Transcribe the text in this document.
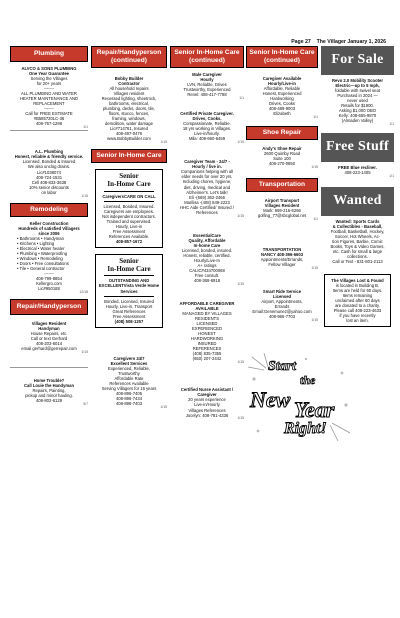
Page 27 The Villager January 1, 2026
Plumbing
ALVCO & SONS PLUMBING
One Year Guarantee
Serving the Villages
for 20+ years
-------
ALL PLUMBING AND WATER HEATER MAINTENANCE AND REPLACEMENT
-------
Call for FREE ESTIMATE
#B585720LC-36
408-767-1298
1/1
A.L. Plumbing
Honest, reliable & friendly service.
Licensed, Bonded & Insured
We also unclog drains.
Lic#1038074
408-724-1531
Cell 408-833-3638
10% senior discounts
on labor
1/15
Remodeling
Keller Construction
Hundreds of satisfied Villagers since 2006
• Bathrooms • Handyman
• Kitchens • Lighting
• Electrical • Water heater
• Plumbing • Waterproofing
• Windows • Remodeling
• Doors • Free consultations
• Tile • General contractor
-------
408-799-8854
Kellergro.com
Lic#950188
12/18
Repair/Handyperson
Villages Resident
Handyman
House Repairs, etc.
Call or text Gerhard
408-203-6014
email gerhard@gerrepair.com
1/15
Home Trouble?
Call Louie the Handyman
Repairs, Painting,
pickup and minor hauling.
408-802-6128
5/7
Repair/Handyperson (continued)
Bobby Builder
Contractor
All household repairs
Villages resident
Recessed lighting, sheetrock,
bathrooms, electrical,
plumbing, decks, doors, tile,
floors, stucco, fences,
framing, windows,
demolition, water damage
Lic#714761, Insured
408-497-0476
www.BobbyBuilder.com
1/15
Senior In-Home Care
Senior
In-Home Care
CaregiversCARE ON CALL
Licensed, Bonded, Insured.
Caregivers are employees.
Not independent contractors.
Trained and supervised.
Hourly, Live-in
Free Assessment
References Available.
408-857-1672
Senior
In-Home Care
OUTSTANDING AND EXCELLENTVista Verde Home Services
Bonded, Licensed, Insured
Hourly, Live-in, Transport
Great References
Free Assessment
(408) 508-1257
Caregivers 24/7
Excellent Services
Experienced, Reliable,
Trustworthy
Affordable Rate
References Available
Serving Villagers for 15 years
408-896-7405
408-896-7434
408-896-7403
1/15
Senior In-Home Care (continued)
Male Caregiver
Hourly
LVN, Reliable, Drives
Trustworthy, Experienced
Renel: 408-417-7788
1/1
Certified Private Caregiver.
Drives, Cooks.
Compassionate, Reliable.
18 yrs working in Villages.
Live-in/hourly.
Mila: 408-660-6459
1/15
Caregiver Team - 24/7 -
Hourly / live in.
Companions helping with all
elder needs for over 20 yrs.
Including chores, hygiene,
diet, driving, medical and
Alzheimer's. Let's talk!
Eli -(669) 362-2466
Marilisa -(408) 849-2223
HHC Aide Certified/ Insured /
References
1/15
EssentialCare
Quality, Affordable
In-home Care
Licensed, bonded, insured.
Honest, reliable, certified.
Hourly/Live-In
A+ ratings
CALIC#434700068
Free consult.
408-368-6918
1/15
AFFORDABLE CAREGIVER
AVAILABLE
MANAGED BY VILLAGES
RESIDENTS
LICENSED
EXPERIENCED
HONEST
HARDWORKING
INSURED
REFERENCES
(408) 835-7355
(650) 207-2442
1/15
Certified Nurse Assistant /
Caregiver
20 years experience
Live-in/Hourly
Villages References
Jocelyn: 408-781-4336
1/15
Senior In-Home Care (continued)
Caregiver Available
Hourly/Live-in
Affordable, Reliable
Honest, Experienced
Hardworking
Drives, Cooks
408-489-9003
Elizabeth
1/1
Shoe Repair
Andy's Shoe Repair
2600 Quimby Road
Suite 100
408-270-0850
1/15
Transportation
Airport Transport
Villages Resident
Mark: 669-216-6266
golfing_77@sbcglobal.net
1/1
TRANSPORTATION
NANCY 408-396-6603
Appointments/Errands,
Fellow Villager
1/15
Smart Ride Service
Licensed
Airport, Appointments,
Errands
Email:Genemunez@yahoo.com
408-966-7703
1/15
Start
the
New Year
Right!
For Sale
Revo 2.0 Mobility Scooter
Electric—up to 5 mph,
foldable with swivel seat
Purchased in 2024 —
never used
Retails for $1900.
Asking $1,000 OBO
Kelly: 408-655-9870
(Almaden Valley)
1/1
Free Stuff
FREE Blue recliner.
408-223-1405
1/1
Wanted
Wanted: Sports Cards
& Collectibles - Baseball,
Football, Basketball, Hockey,
Soccer, Hot Wheels, Ac-
tion Figures, Barbie, Comic
Books, Toys & Video Games,
etc. Cash for small & large
collections.
Call or Text - 831-801-2113
The Villages Lost & Found
is located in Building B.
Items are held for 60 days.
Items remaining
unclaimed after 60 days
are donated to a charity.
Please call 408-223-4633
if you have recently
lost an item.
